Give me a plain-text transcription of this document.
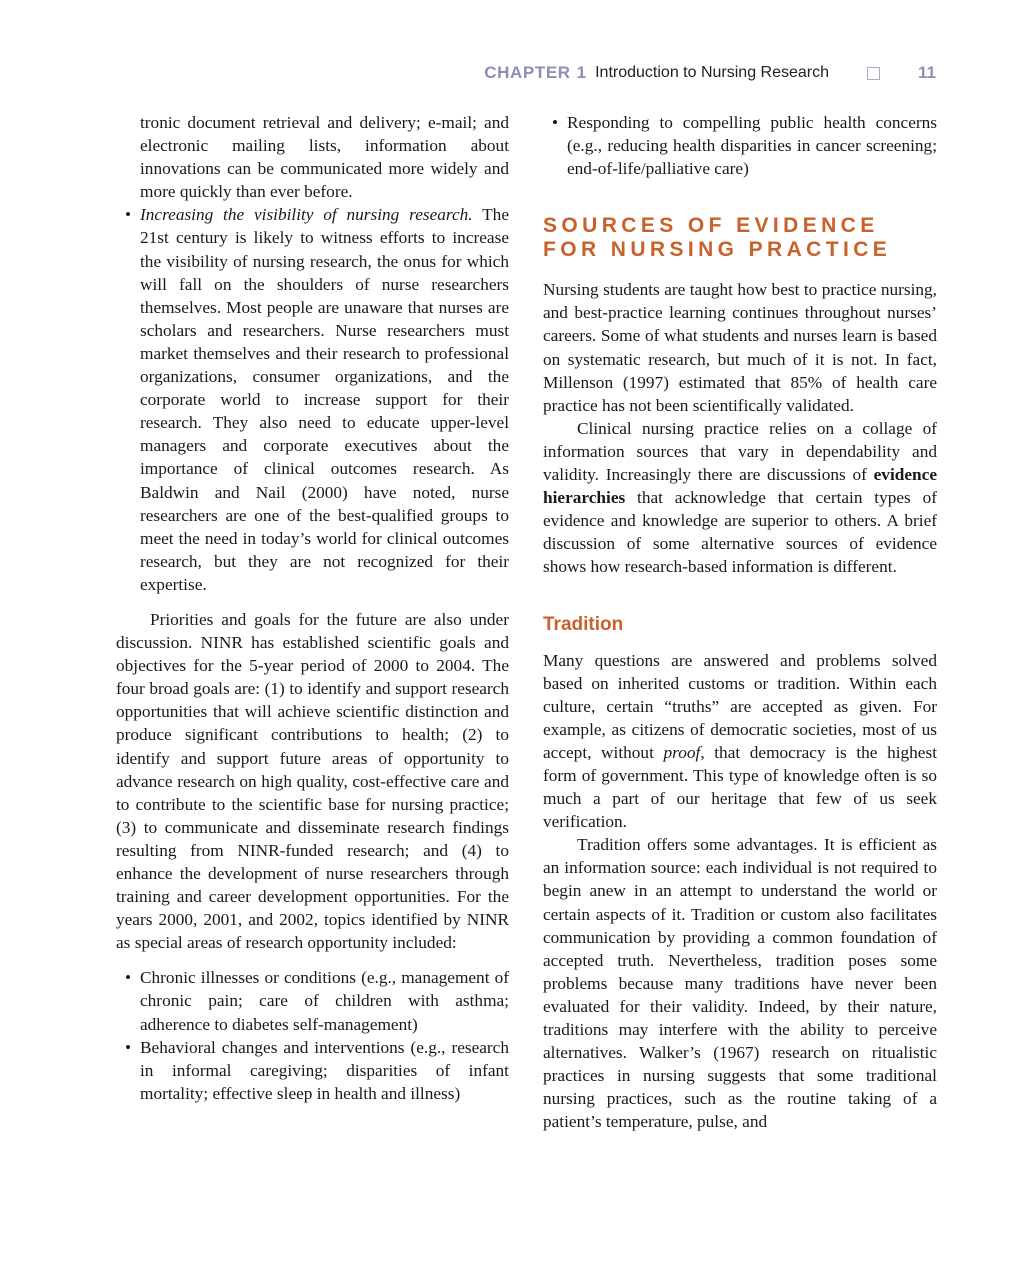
CHAPTER 1 Introduction to Nursing Research	11

tronic document retrieval and delivery; e-mail; and electronic mailing lists, information about innovations can be communicated more widely and more quickly than ever before.

• Increasing the visibility of nursing research. The 21st century is likely to witness efforts to increase the visibility of nursing research, the onus for which will fall on the shoulders of nurse researchers themselves. Most people are unaware that nurses are scholars and researchers. Nurse researchers must market themselves and their research to professional organizations, consumer organizations, and the corporate world to increase support for their research. They also need to educate upper-level managers and corporate executives about the importance of clinical outcomes research. As Baldwin and Nail (2000) have noted, nurse researchers are one of the best-qualified groups to meet the need in today’s world for clinical outcomes research, but they are not recognized for their expertise.

Priorities and goals for the future are also under discussion. NINR has established scientific goals and objectives for the 5-year period of 2000 to 2004. The four broad goals are: (1) to identify and support research opportunities that will achieve scientific distinction and produce significant contributions to health; (2) to identify and support future areas of opportunity to advance research on high quality, cost-effective care and to contribute to the scientific base for nursing practice; (3) to communicate and disseminate research findings resulting from NINR-funded research; and (4) to enhance the development of nurse researchers through training and career development opportunities. For the years 2000, 2001, and 2002, topics identified by NINR as special areas of research opportunity included:

• Chronic illnesses or conditions (e.g., management of chronic pain; care of children with asthma; adherence to diabetes self-management)
• Behavioral changes and interventions (e.g., research in informal caregiving; disparities of infant mortality; effective sleep in health and illness)
• Responding to compelling public health concerns (e.g., reducing health disparities in cancer screening; end-of-life/palliative care)
SOURCES OF EVIDENCE
FOR NURSING PRACTICE

Nursing students are taught how best to practice nursing, and best-practice learning continues throughout nurses’ careers. Some of what students and nurses learn is based on systematic research, but much of it is not. In fact, Millenson (1997) estimated that 85% of health care practice has not been scientifically validated.

Clinical nursing practice relies on a collage of information sources that vary in dependability and validity. Increasingly there are discussions of evidence hierarchies that acknowledge that certain types of evidence and knowledge are superior to others. A brief discussion of some alternative sources of evidence shows how research-based information is different.

Tradition

Many questions are answered and problems solved based on inherited customs or tradition. Within each culture, certain “truths” are accepted as given. For example, as citizens of democratic societies, most of us accept, without proof, that democracy is the highest form of government. This type of knowledge often is so much a part of our heritage that few of us seek verification.

Tradition offers some advantages. It is efficient as an information source: each individual is not required to begin anew in an attempt to understand the world or certain aspects of it. Tradition or custom also facilitates communication by providing a common foundation of accepted truth. Nevertheless, tradition poses some problems because many traditions have never been evaluated for their validity. Indeed, by their nature, traditions may interfere with the ability to perceive alternatives. Walker’s (1967) research on ritualistic practices in nursing suggests that some traditional nursing practices, such as the routine taking of a patient’s temperature, pulse, and
